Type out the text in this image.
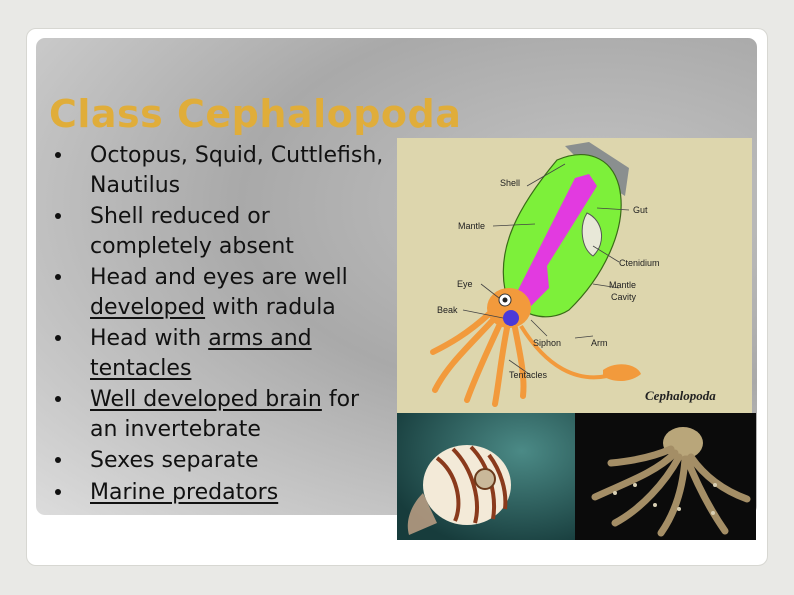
Class Cephalopoda
Octopus, Squid, Cuttlefish, Nautilus
Shell reduced or completely absent
Head and eyes are well developed with radula
Head with arms and tentacles
Well developed brain for an invertebrate
Sexes separate
Marine predators
Shell
Gut
Mantle
Ctenidium
Eye	Mantle
Cavity
Beak
Siphon	Arm
Tentacles
Cephalopoda
